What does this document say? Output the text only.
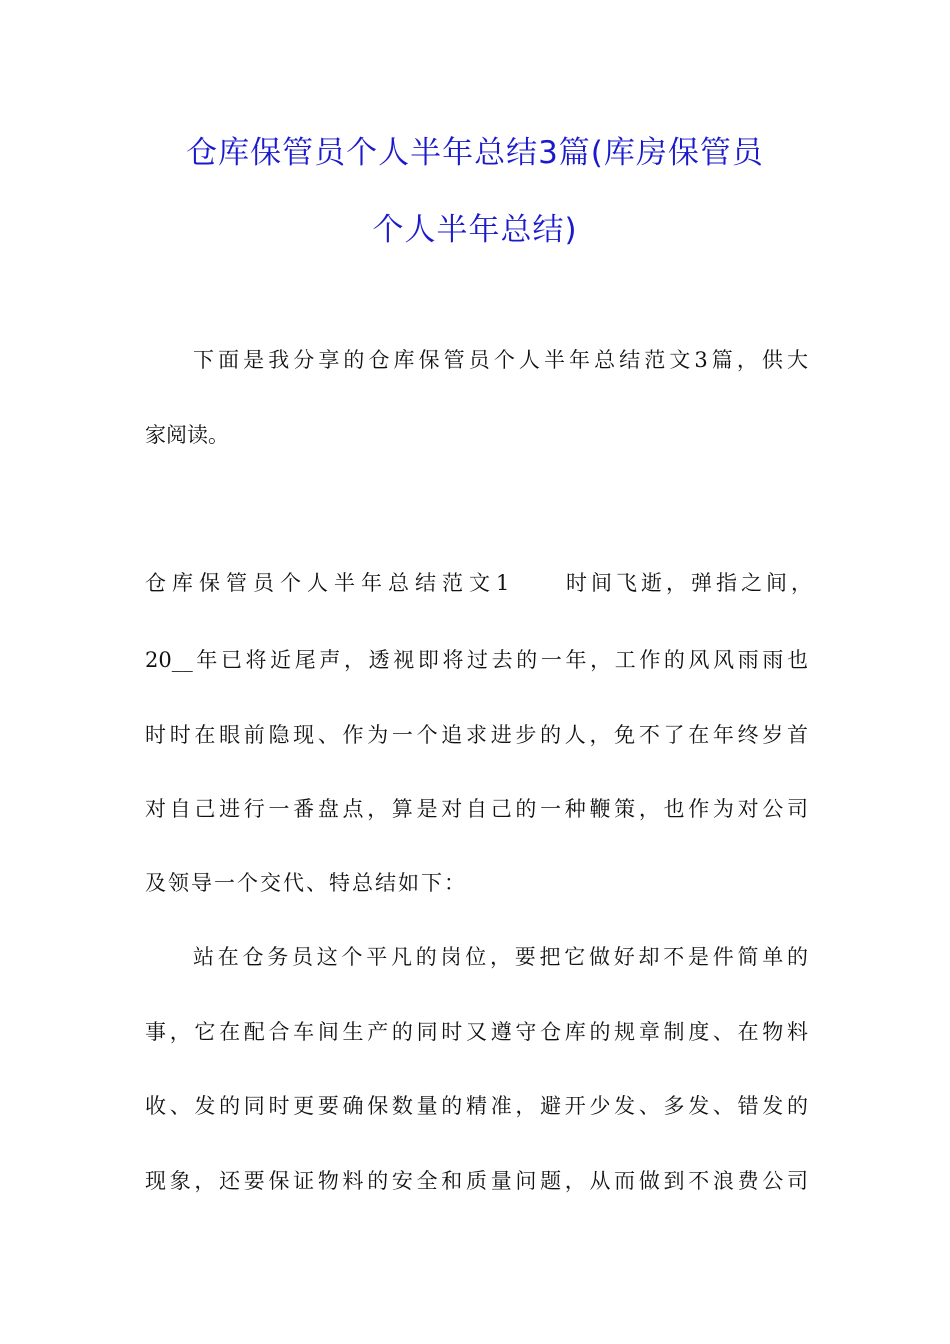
仓库保管员个人半年总结3篇(库房保管员
个人半年总结)

下面是我分享的仓库保管员个人半年总结范文3篇，供大

家阅读。

仓库保管员个人半年总结范文1 时间飞逝，弹指之间，

20__年已将近尾声，透视即将过去的一年，工作的风风雨雨也

时时在眼前隐现、作为一个追求进步的人，免不了在年终岁首

对自己进行一番盘点，算是对自己的一种鞭策，也作为对公司

及领导一个交代、特总结如下：

站在仓务员这个平凡的岗位，要把它做好却不是件简单的

事，它在配合车间生产的同时又遵守仓库的规章制度、在物料

收、发的同时更要确保数量的精准，避开少发、多发、错发的

现象，还要保证物料的安全和质量问题，从而做到不浪费公司
